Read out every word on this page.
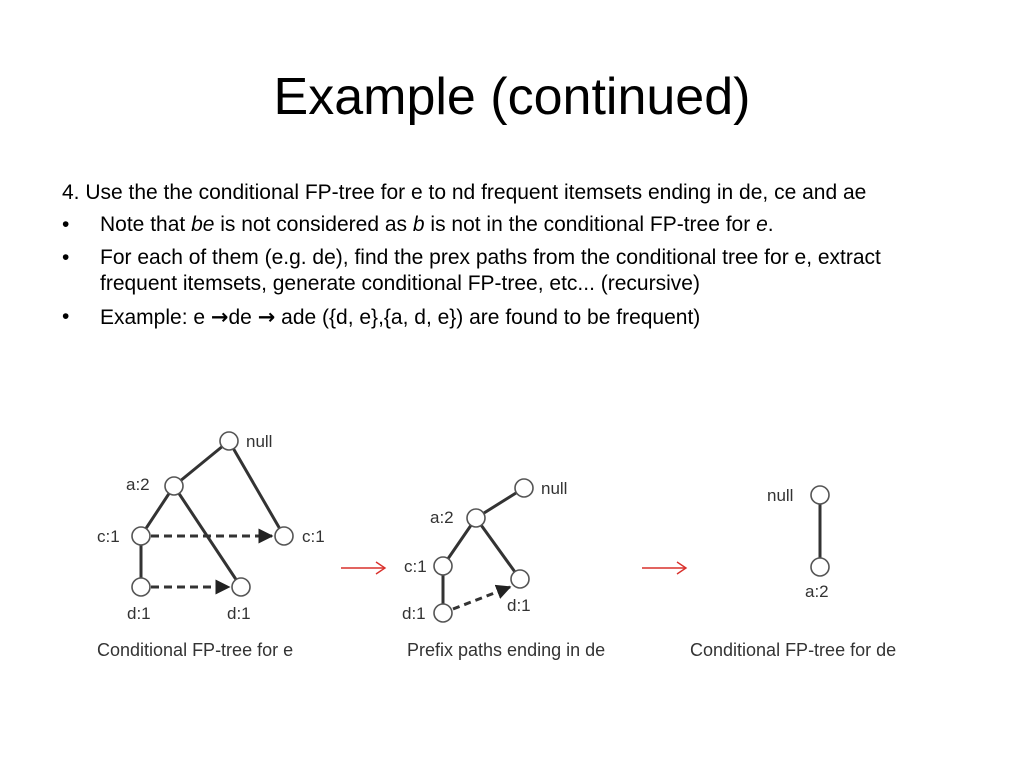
Example (continued)

4. Use the the conditional FP-tree for e to nd frequent itemsets ending in de, ce and ae

• Note that be is not considered as b is not in the conditional FP-tree for e.
• For each of them (e.g. de), find the prex paths from the conditional tree for e, extract frequent itemsets, generate conditional FP-tree, etc... (recursive)
• Example: e →de → ade ({d, e},{a, d, e}) are found to be frequent)
null
a:2
c:1	c:1
d:1	d:1
Conditional FP-tree for e
null
a:2
c:1
d:1	d:1
Prefix paths ending in de
null
a:2
Conditional FP-tree for de
